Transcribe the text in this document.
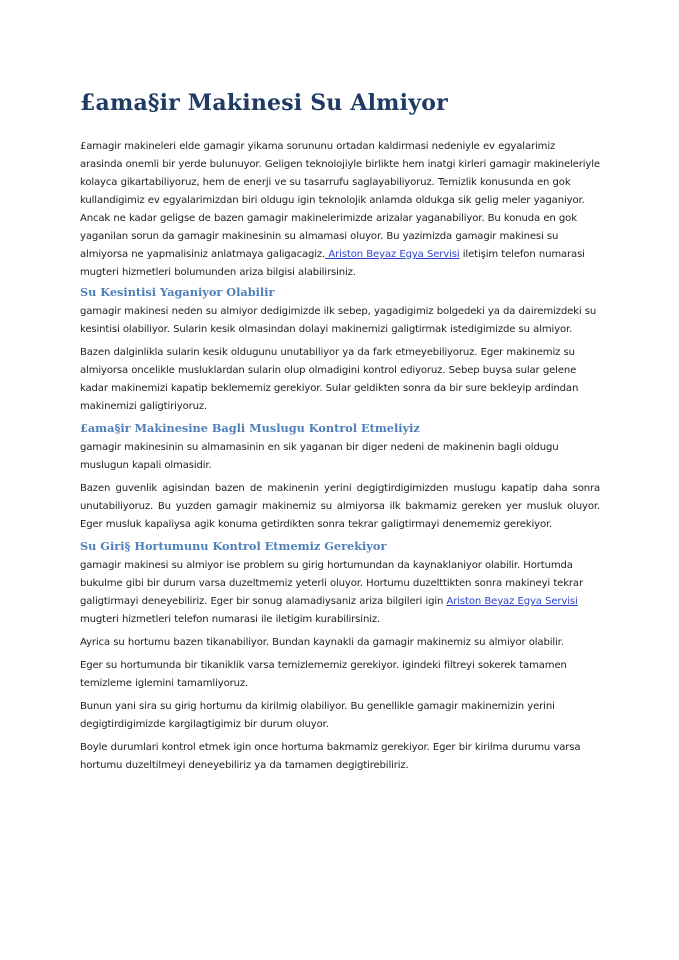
£ama§ir Makinesi Su Almiyor

£amagir makineleri elde gamagir yikama sorununu ortadan kaldirmasi nedeniyle ev egyalarimiz arasinda onemli bir yerde bulunuyor. Geligen teknolojiyle birlikte hem inatgi kirleri gamagir makineleriyle kolayca gikartabiliyoruz, hem de enerji ve su tasarrufu saglayabiliyoruz. Temizlik konusunda en gok kullandigimiz ev egyalarimizdan biri oldugu igin teknolojik anlamda oldukga sik gelig meler yaganiyor. Ancak ne kadar geligse de bazen gamagir makinelerimizde arizalar yaganabiliyor. Bu konuda en gok yaganilan sorun da gamagir makinesinin su almamasi oluyor. Bu yazimizda gamagir makinesi su almiyorsa ne yapmalisiniz anlatmaya galigacagiz. Ariston Beyaz Egya Servisi iletişim telefon numarasi mugteri hizmetleri bolumunden ariza bilgisi alabilirsiniz.

Su Kesintisi Yaganiyor Olabilir

gamagir makinesi neden su almiyor dedigimizde ilk sebep, yagadigimiz bolgedeki ya da dairemizdeki su kesintisi olabiliyor. Sularin kesik olmasindan dolayi makinemizi galigtirmak istedigimizde su almiyor.

Bazen dalginlikla sularin kesik oldugunu unutabiliyor ya da fark etmeyebiliyoruz. Eger makinemiz su almiyorsa oncelikle musluklardan sularin olup olmadigini kontrol ediyoruz. Sebep buysa sular gelene kadar makinemizi kapatip beklememiz gerekiyor. Sular geldikten sonra da bir sure bekleyip ardindan makinemizi galigtiriyoruz.

£ama§ir Makinesine Bagli Muslugu Kontrol Etmeliyiz

gamagir makinesinin su almamasinin en sik yaganan bir diger nedeni de makinenin bagli oldugu muslugun kapali olmasidir.

Bazen guvenlik agisindan bazen de makinenin yerini degigtirdigimizden muslugu kapatip daha sonra unutabiliyoruz. Bu yuzden gamagir makinemiz su almiyorsa ilk bakmamiz gereken yer musluk oluyor. Eger musluk kapaliysa agik konuma getirdikten sonra tekrar galigtirmayi denememiz gerekiyor.

Su Giri§ Hortumunu Kontrol Etmemiz Gerekiyor

gamagir makinesi su almiyor ise problem su girig hortumundan da kaynaklaniyor olabilir. Hortumda bukulme gibi bir durum varsa duzeltmemiz yeterli oluyor. Hortumu duzelttikten sonra makineyi tekrar galigtirmayi deneyebiliriz. Eger bir sonug alamadiysaniz ariza bilgileri igin Ariston Beyaz Egya Servisi mugteri hizmetleri telefon numarasi ile iletigim kurabilirsiniz.

Ayrica su hortumu bazen tikanabiliyor. Bundan kaynakli da gamagir makinemiz su almiyor olabilir.

Eger su hortumunda bir tikaniklik varsa temizlememiz gerekiyor. igindeki filtreyi sokerek tamamen temizleme iglemini tamamliyoruz.

Bunun yani sira su girig hortumu da kirilmig olabiliyor. Bu genellikle gamagir makinemizin yerini degigtirdigimizde kargilagtigimiz bir durum oluyor.

Boyle durumlari kontrol etmek igin once hortuma bakmamiz gerekiyor. Eger bir kirilma durumu varsa hortumu duzeltilmeyi deneyebiliriz ya da tamamen degigtirebiliriz.
